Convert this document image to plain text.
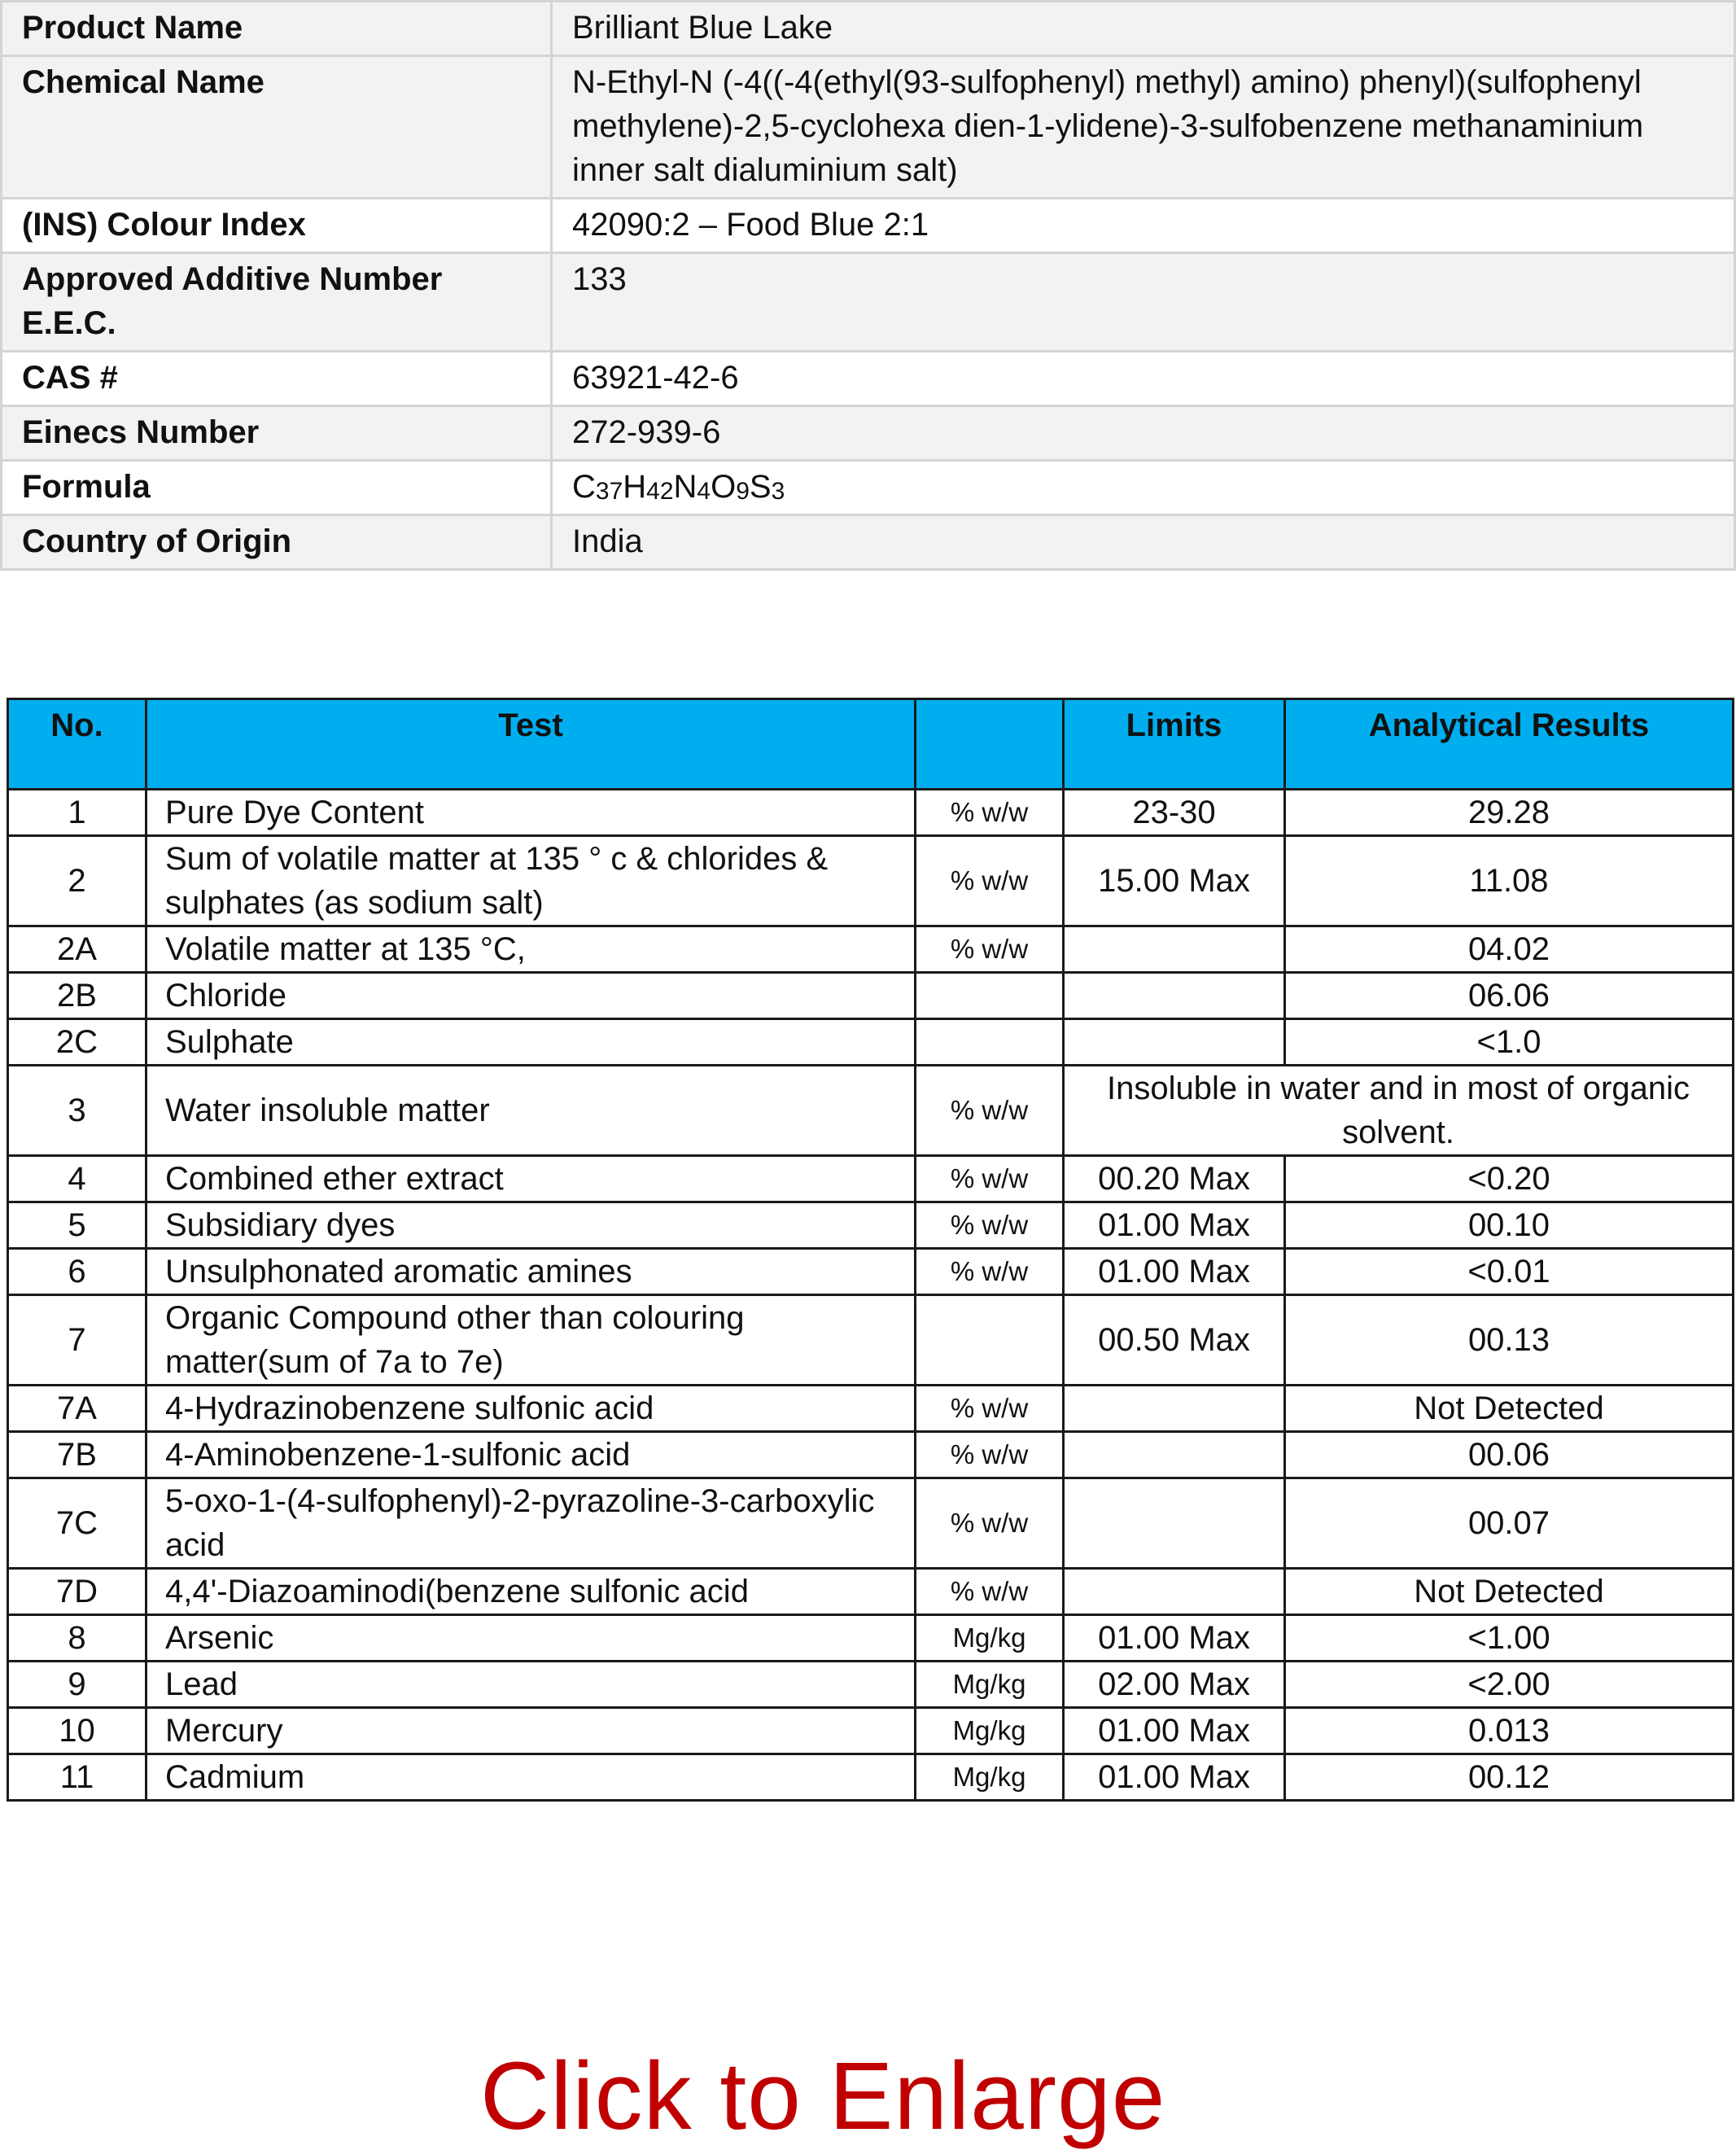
Product Name	Brilliant Blue Lake
Chemical Name	N-Ethyl-N (-4((-4(ethyl(93-sulfophenyl) methyl) amino) phenyl)(sulfophenyl methylene)-2,5-cyclohexa dien-1-ylidene)-3-sulfobenzene methanaminium inner salt dialuminium salt)
(INS) Colour Index	42090:2 – Food Blue 2:1
Approved Additive Number E.E.C.	133
CAS #	63921-42-6
Einecs Number	272-939-6
Formula	$C_{37}H_{42}N_4O_9S_3$
Country of Origin	India
No.	Test		Limits	Analytical Results
1	Pure Dye Content	% w/w	23-30	29.28
2	Sum of volatile matter at 135 ° c & chlorides & sulphates (as sodium salt)	% w/w	15.00 Max	11.08
2A	Volatile matter at 135 °C,	% w/w		04.02
2B	Chloride			06.06
2C	Sulphate			<1.0
3	Water insoluble matter	% w/w	Insoluble in water and in most of organic solvent.	
4	Combined ether extract	% w/w	00.20 Max	<0.20
5	Subsidiary dyes	% w/w	01.00 Max	00.10
6	Unsulphonated aromatic amines	% w/w	01.00 Max	<0.01
7	Organic Compound other than colouring matter(sum of 7a to 7e)		00.50 Max	00.13
7A	4-Hydrazinobenzene sulfonic acid	% w/w		Not Detected
7B	4-Aminobenzene-1-sulfonic acid	% w/w		00.06
7C	5-oxo-1-(4-sulfophenyl)-2-pyrazoline-3-carboxylic acid	% w/w		00.07
7D	4,4'-Diazoaminodi(benzene sulfonic acid	% w/w		Not Detected
8	Arsenic	Mg/kg	01.00 Max	<1.00
9	Lead	Mg/kg	02.00 Max	<2.00
10	Mercury	Mg/kg	01.00 Max	0.013
11	Cadmium	Mg/kg	01.00 Max	00.12
Click to Enlarge
